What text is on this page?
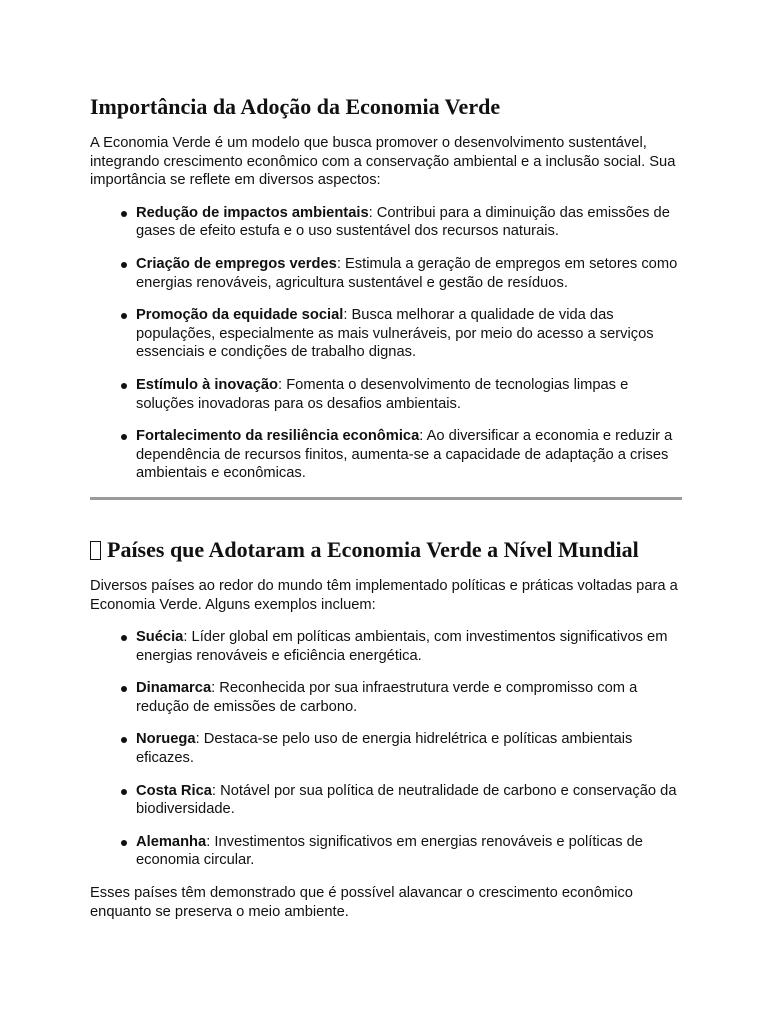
Importância da Adoção da Economia Verde

A Economia Verde é um modelo que busca promover o desenvolvimento sustentável, integrando crescimento econômico com a conservação ambiental e a inclusão social. Sua importância se reflete em diversos aspectos:

Redução de impactos ambientais: Contribui para a diminuição das emissões de gases de efeito estufa e o uso sustentável dos recursos naturais.
Criação de empregos verdes: Estimula a geração de empregos em setores como energias renováveis, agricultura sustentável e gestão de resíduos.
Promoção da equidade social: Busca melhorar a qualidade de vida das populações, especialmente as mais vulneráveis, por meio do acesso a serviços essenciais e condições de trabalho dignas.
Estímulo à inovação: Fomenta o desenvolvimento de tecnologias limpas e soluções inovadoras para os desafios ambientais.
Fortalecimento da resiliência econômica: Ao diversificar a economia e reduzir a dependência de recursos finitos, aumenta-se a capacidade de adaptação a crises ambientais e econômicas.
Países que Adotaram a Economia Verde a Nível Mundial

Diversos países ao redor do mundo têm implementado políticas e práticas voltadas para a Economia Verde. Alguns exemplos incluem:

Suécia: Líder global em políticas ambientais, com investimentos significativos em energias renováveis e eficiência energética.
Dinamarca: Reconhecida por sua infraestrutura verde e compromisso com a redução de emissões de carbono.
Noruega: Destaca-se pelo uso de energia hidrelétrica e políticas ambientais eficazes.
Costa Rica: Notável por sua política de neutralidade de carbono e conservação da biodiversidade.
Alemanha: Investimentos significativos em energias renováveis e políticas de economia circular.

Esses países têm demonstrado que é possível alavancar o crescimento econômico enquanto se preserva o meio ambiente.
